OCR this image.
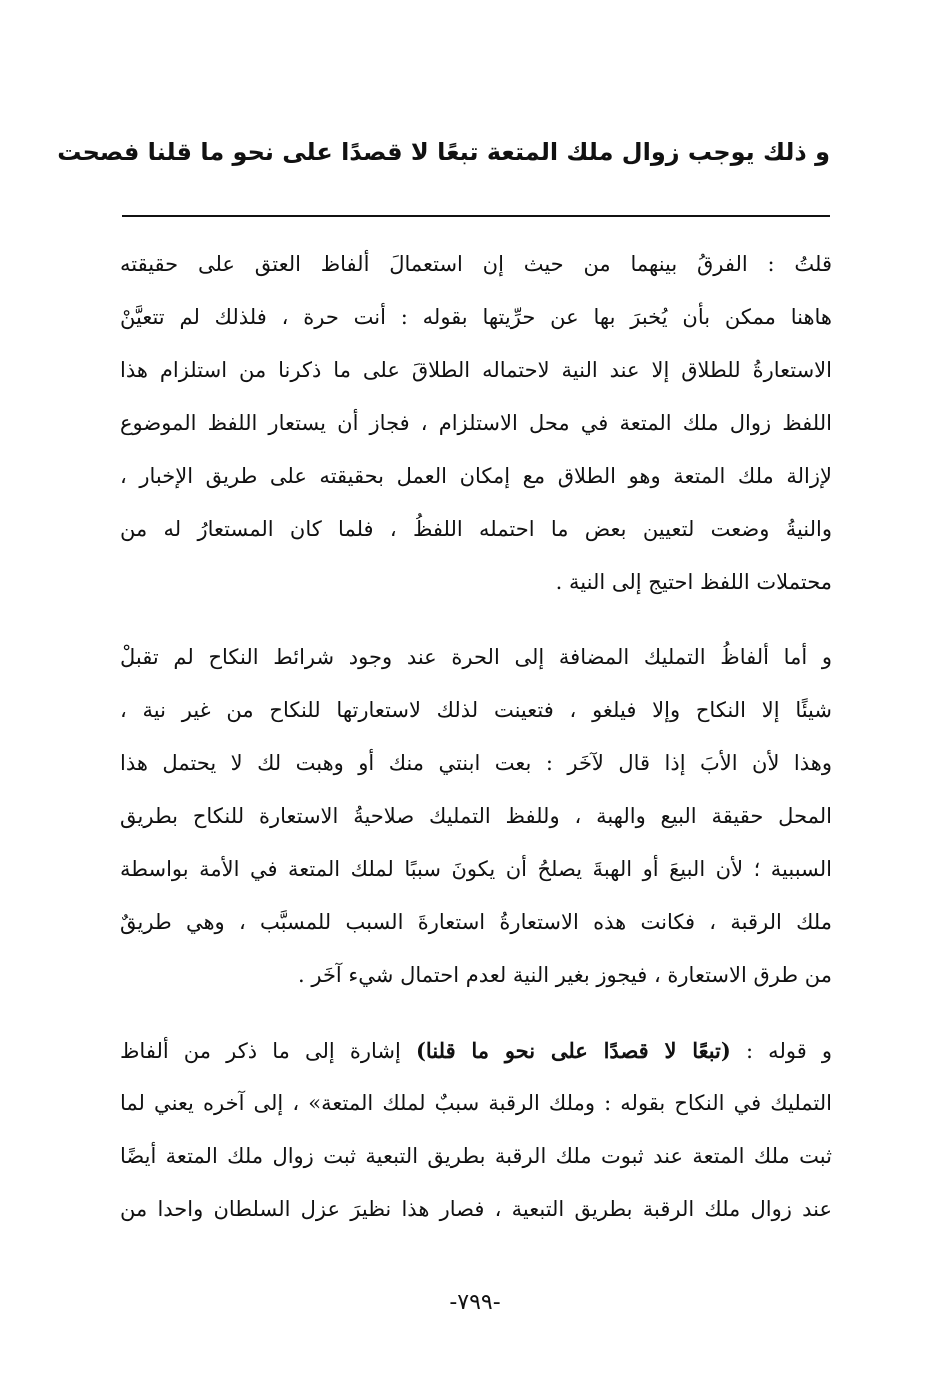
و ذلك يوجب زوال ملك المتعة تبعًا لا قصدًا على نحو ما قلنا فصحت
قلتُ : الفرقُ بينهما من حيث إن استعمالَ ألفاظ العتق على حقيقته
هاهنا ممكن بأن يُخبرَ بها عن حرِّيتها بقوله : أنت حرة ، فلذلك لم تتعيَّنْ
الاستعارةُ للطلاق إلا عند النية لاحتماله الطلاقَ على ما ذكرنا من استلزام هذا
اللفظ زوال ملك المتعة في محل الاستلزام ، فجاز أن يستعار اللفظ الموضوع
لإزالة ملك المتعة وهو الطلاق مع إمكان العمل بحقيقته على طريق الإخبار ،
والنيةُ وضعت لتعيين بعض ما احتمله اللفظُ ، فلما كان المستعارُ له من
محتملات اللفظ احتيج إلى النية .
و أما ألفاظُ التمليك المضافة إلى الحرة عند وجود شرائط النكاح لم تقبلْ
شيئًا إلا النكاح وإلا فيلغو ، فتعينت لذلك لاستعارتها للنكاح من غير نية ،
وهذا لأن الأبَ إذا قال لآخَر : بعت ابنتي منك أو وهبت لك لا يحتمل هذا
المحل حقيقة البيع والهبة ، وللفظ التمليك صلاحيةُ الاستعارة للنكاح بطريق
السببية ؛ لأن البيعَ أو الهبةَ يصلحُ أن يكونَ سببًا لملك المتعة في الأمة بواسطة
ملك الرقبة ، فكانت هذه الاستعارةُ استعارةَ السبب للمسبَّب ، وهي طريقٌ
من طرق الاستعارة ، فيجوز بغير النية لعدم احتمال شيء آخَر .
و قوله : (تبعًا لا قصدًا على نحو ما قلنا) إشارة إلى ما ذكر من ألفاظ
التمليك في النكاح بقوله : وملك الرقبة سببٌ لملك المتعة» ، إلى آخره يعني لما
ثبت ملك المتعة عند ثبوت ملك الرقبة بطريق التبعية ثبت زوال ملك المتعة أيضًا
عند زوال ملك الرقبة بطريق التبعية ، فصار هذا نظيرَ عزل السلطان واحدا من
-٧٩٩-
